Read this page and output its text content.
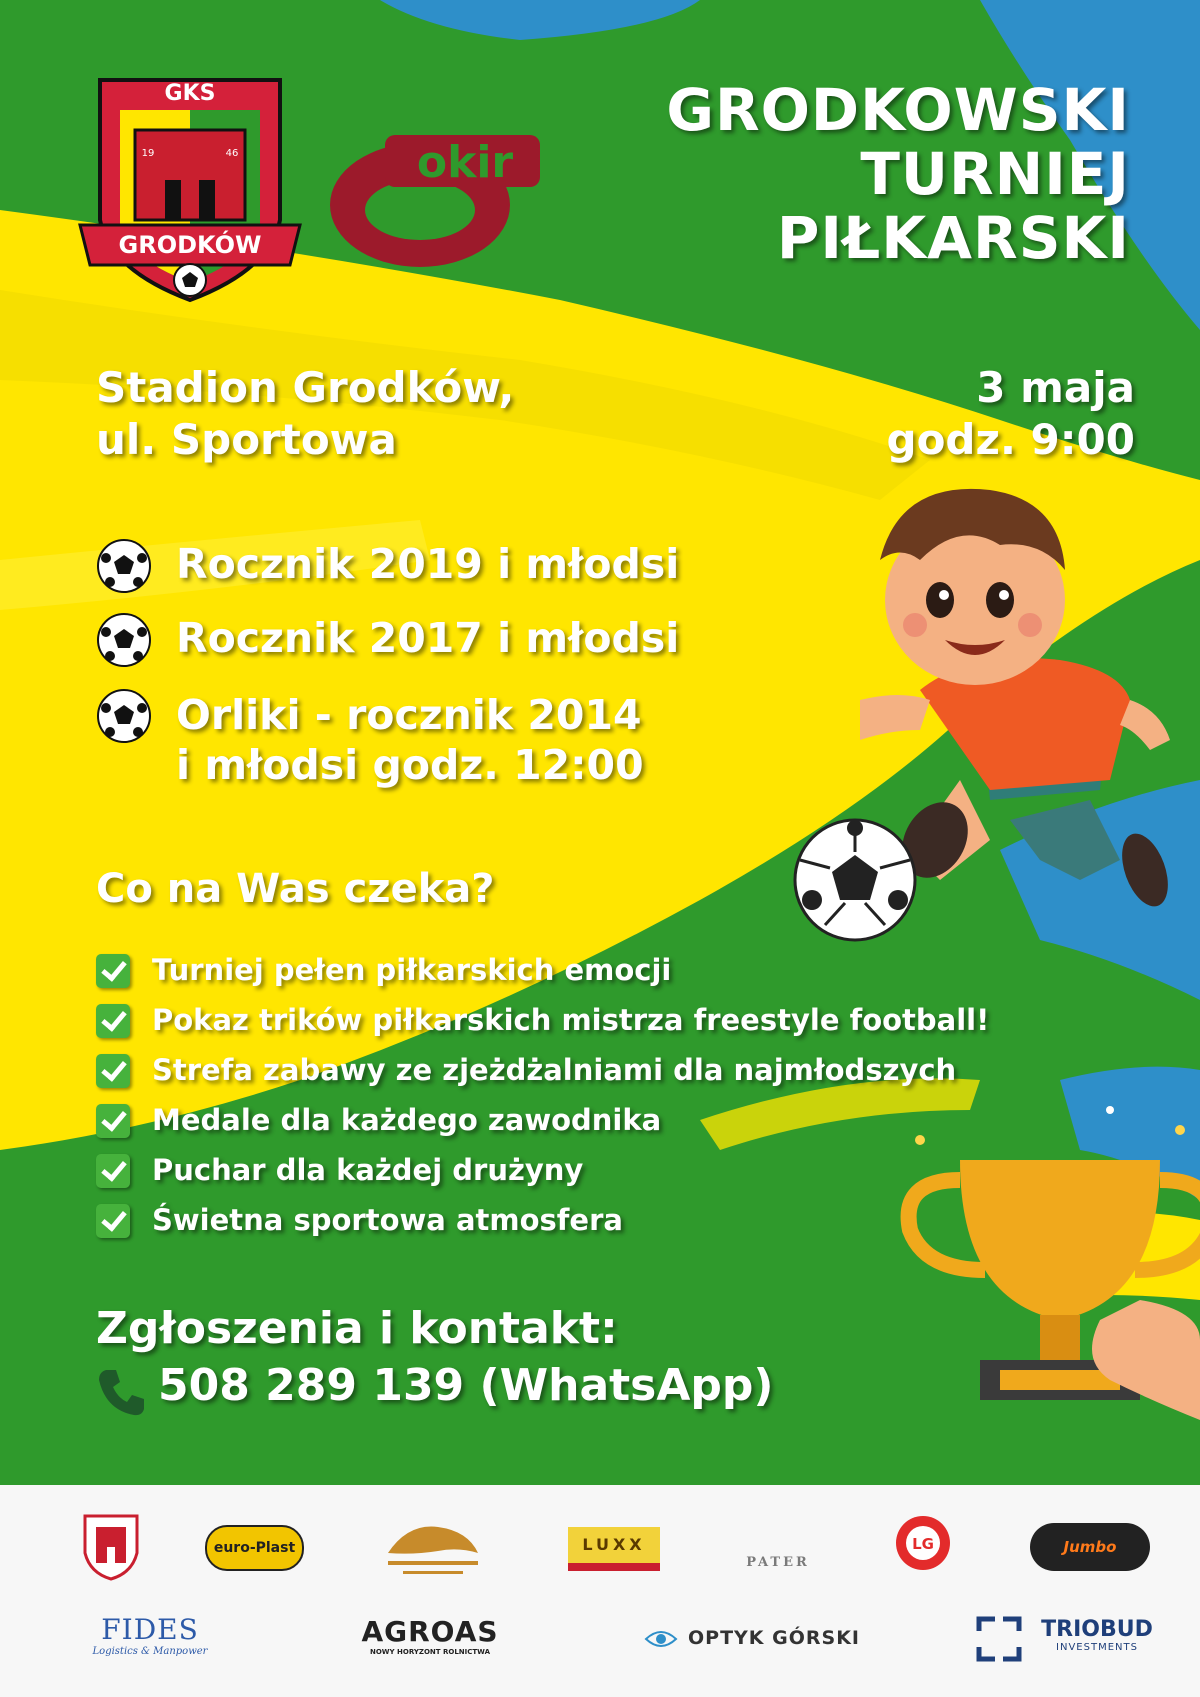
GKS
19	46
GRODKÓW
okir
GRODKOWSKI
TURNIEJ
PIŁKARSKI
Stadion Grodków,
ul. Sportowa
3 maja
godz. 9:00
Rocznik 2019 i młodsi
Rocznik 2017 i młodsi
Orliki - rocznik 2014
i młodsi godz. 12:00
Co na Was czeka?
Turniej pełen piłkarskich emocji
Pokaz trików piłkarskich mistrza freestyle football!
Strefa zabawy ze zjeżdżalniami dla najmłodszych
Medale dla każdego zawodnika
Puchar dla każdej drużyny
Świetna sportowa atmosfera
Zgłoszenia i kontakt:
508 289 139 (WhatsApp)
euro-Plast	LUXX
PATER
LG	Jumbo
FIDES
Logistics & Manpower
AGROAS
NOWY HORYZONT ROLNICTWA
OPTYK GÓRSKI	TRIOBUD
INVESTMENTS
